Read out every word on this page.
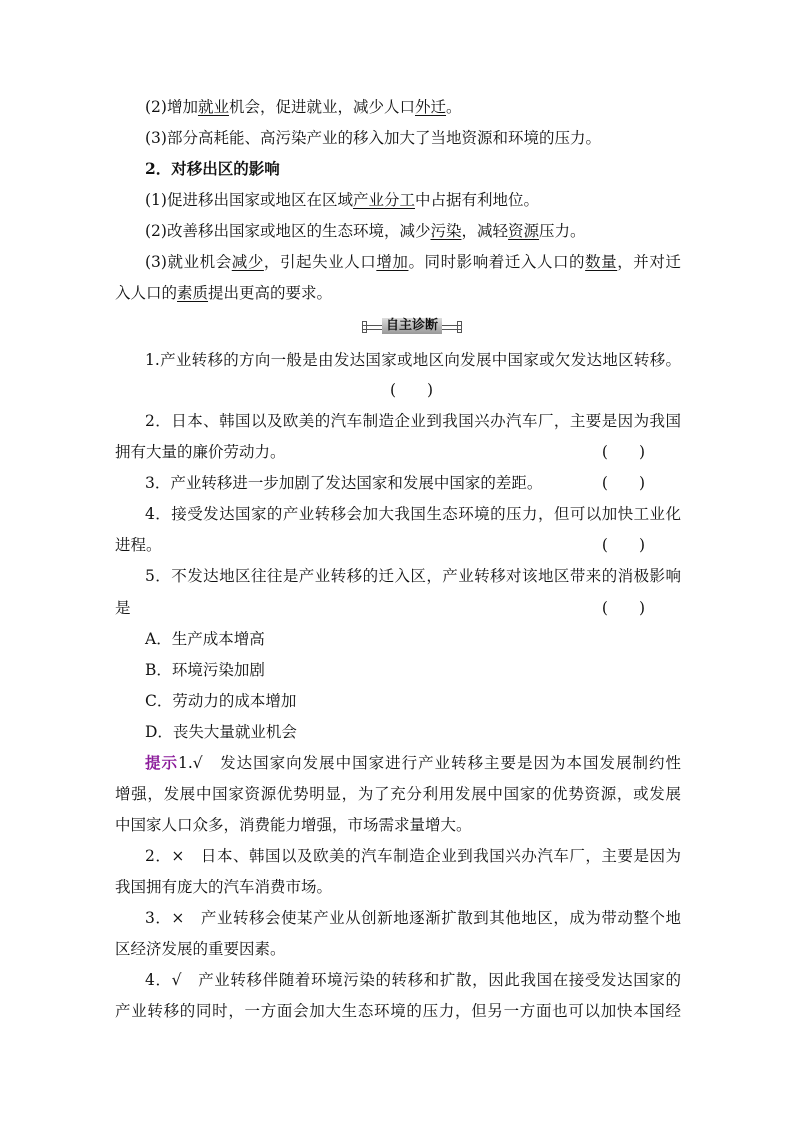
(2)增加就业机会，促进就业，减少人口外迁。
(3)部分高耗能、高污染产业的移入加大了当地资源和环境的压力。
2．对移出区的影响
(1)促进移出国家或地区在区域产业分工中占据有利地位。
(2)改善移出国家或地区的生态环境，减少污染，减轻资源压力。
(3)就业机会减少，引起失业人口增加。同时影响着迁入人口的数量，并对迁
入人口的素质提出更高的要求。
1.产业转移的方向一般是由发达国家或地区向发展中国家或欠发达地区转移。
(　　)
2．日本、韩国以及欧美的汽车制造企业到我国兴办汽车厂，主要是因为我国
拥有大量的廉价劳动力。	(　　)
3．产业转移进一步加剧了发达国家和发展中国家的差距。	(　　)
4．接受发达国家的产业转移会加大我国生态环境的压力，但可以加快工业化
进程。	(　　)
5．不发达地区往往是产业转移的迁入区，产业转移对该地区带来的消极影响
是	(　　)
A．生产成本增高
B．环境污染加剧
C．劳动力的成本增加
D．丧失大量就业机会
提示1.√　发达国家向发展中国家进行产业转移主要是因为本国发展制约性
增强，发展中国家资源优势明显，为了充分利用发展中国家的优势资源，或发展
中国家人口众多，消费能力增强，市场需求量增大。
2．×　日本、韩国以及欧美的汽车制造企业到我国兴办汽车厂，主要是因为
我国拥有庞大的汽车消费市场。
3．×　产业转移会使某产业从创新地逐渐扩散到其他地区，成为带动整个地
区经济发展的重要因素。
4．√　产业转移伴随着环境污染的转移和扩散，因此我国在接受发达国家的
产业转移的同时，一方面会加大生态环境的压力，但另一方面也可以加快本国经
自主诊断
